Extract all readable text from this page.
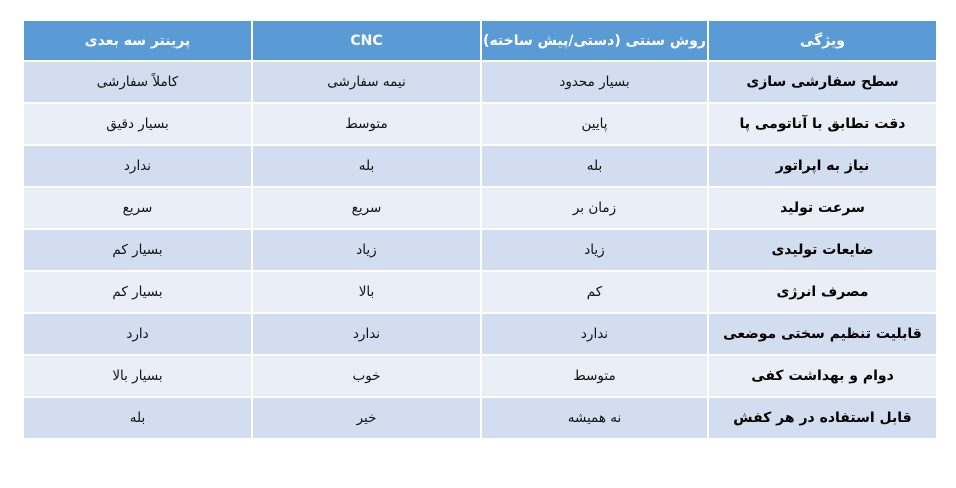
ویژگی	روش سنتی (دستی/پیش ساخته)	CNC	پرینتر سه بعدی
سطح سفارشی سازی	بسیار محدود	نیمه سفارشی	کاملاً سفارشی
دقت تطابق با آناتومی پا	پایین	متوسط	بسیار دقیق
نیاز به اپراتور	بله	بله	ندارد
سرعت تولید	زمان بر	سریع	سریع
ضایعات تولیدی	زیاد	زیاد	بسیار کم
مصرف انرژی	کم	بالا	بسیار کم
قابلیت تنظیم سختی موضعی	ندارد	ندارد	دارد
دوام و بهداشت کفی	متوسط	خوب	بسیار بالا
قابل استفاده در هر کفش	نه همیشه	خیر	بله
